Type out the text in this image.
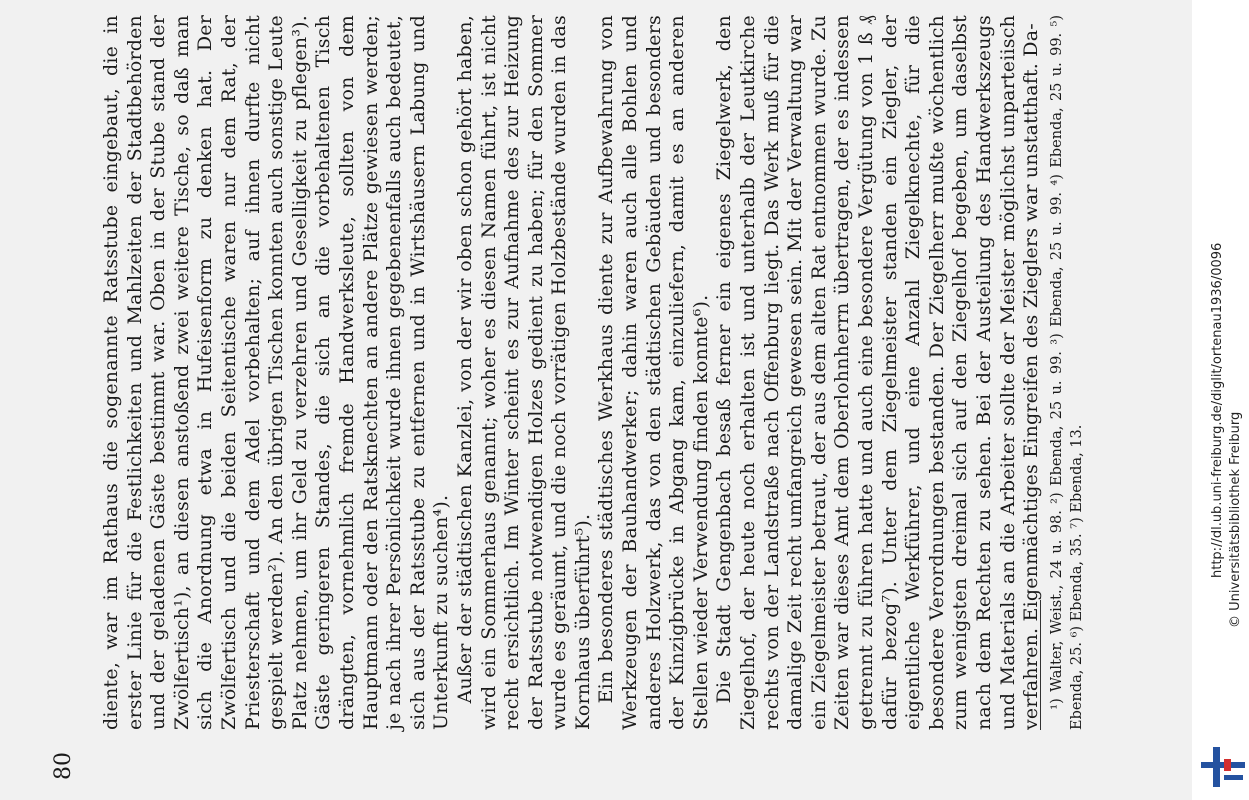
80

diente, war im Rathaus die sogenannte Ratsstube eingebaut, die in erster Linie für die Festlichkeiten und Mahlzeiten der Stadtbehörden und der geladenen Gäste bestimmt war. Oben in der Stube stand der Zwölfertisch¹), an diesen anstoßend zwei weitere Tische, so daß man sich die Anordnung etwa in Hufeisenform zu denken hat. Der Zwölfertisch und die beiden Seitentische waren nur dem Rat, der Priesterschaft und dem Adel vorbehalten; auf ihnen durfte nicht gespielt werden²). An den übrigen Tischen konnten auch sonstige Leute Platz nehmen, um ihr Geld zu verzehren und Geselligkeit zu pflegen³). Gäste geringeren Standes, die sich an die vorbehaltenen Tisch drängten, vornehmlich fremde Handwerksleute, sollten von dem Hauptmann oder den Ratsknechten an andere Plätze gewiesen werden; je nach ihrer Persönlichkeit wurde ihnen gegebenenfalls auch bedeutet, sich aus der Ratsstube zu entfernen und in Wirtshäusern Labung und Unterkunft zu suchen⁴). Außer der städtischen Kanzlei, von der wir oben schon gehört haben, wird ein Sommerhaus genannt; woher es diesen Namen führt, ist nicht recht ersichtlich. Im Winter scheint es zur Aufnahme des zur Heizung der Ratsstube notwendigen Holzes gedient zu haben; für den Sommer wurde es geräumt, und die noch vorrätigen Holzbestände wurden in das Kornhaus überführt⁵). Ein besonderes städtisches Werkhaus diente zur Aufbewahrung von Werkzeugen der Bauhandwerker; dahin waren auch alle Bohlen und anderes Holzwerk, das von den städtischen Gebäuden und besonders der Kinzigbrücke in Abgang kam, einzuliefern, damit es an anderen Stellen wieder Verwendung finden konnte⁶). Die Stadt Gengenbach besaß ferner ein eigenes Ziegelwerk, den Ziegelhof, der heute noch erhalten ist und unterhalb der Leutkirche rechts von der Landstraße nach Offenburg liegt. Das Werk muß für die damalige Zeit recht umfangreich gewesen sein. Mit der Verwaltung war ein Ziegelmeister betraut, der aus dem alten Rat entnommen wurde. Zu Zeiten war dieses Amt dem Oberlohnherrn übertragen, der es indessen getrennt zu führen hatte und auch eine besondere Vergütung von 1 ß ₰ dafür bezog⁷). Unter dem Ziegelmeister standen ein Ziegler, der eigentliche Werkführer, und eine Anzahl Ziegelknechte, für die besondere Verordnungen bestanden. Der Ziegelherr mußte wöchentlich zum wenigsten dreimal sich auf den Ziegelhof begeben, um daselbst nach dem Rechten zu sehen. Bei der Austeilung des Handwerkszeugs und Materials an die Arbeiter sollte der Meister möglichst unparteiisch verfahren. Eigenmächtiges Eingreifen des Zieglers war unstatthaft. Da- ¹) Walter, Weist., 24 u. 98. ²) Ebenda, 25 u. 99. ³) Ebenda, 25 u. 99. ⁴) Ebenda, 25 u. 99. ⁵) Ebenda, 25. ⁶) Ebenda, 35. ⁷) Ebenda, 13.	http://dl.ub.uni-freiburg.de/diglit/ortenau1936/0096 © Universitätsbibliothek Freiburg
